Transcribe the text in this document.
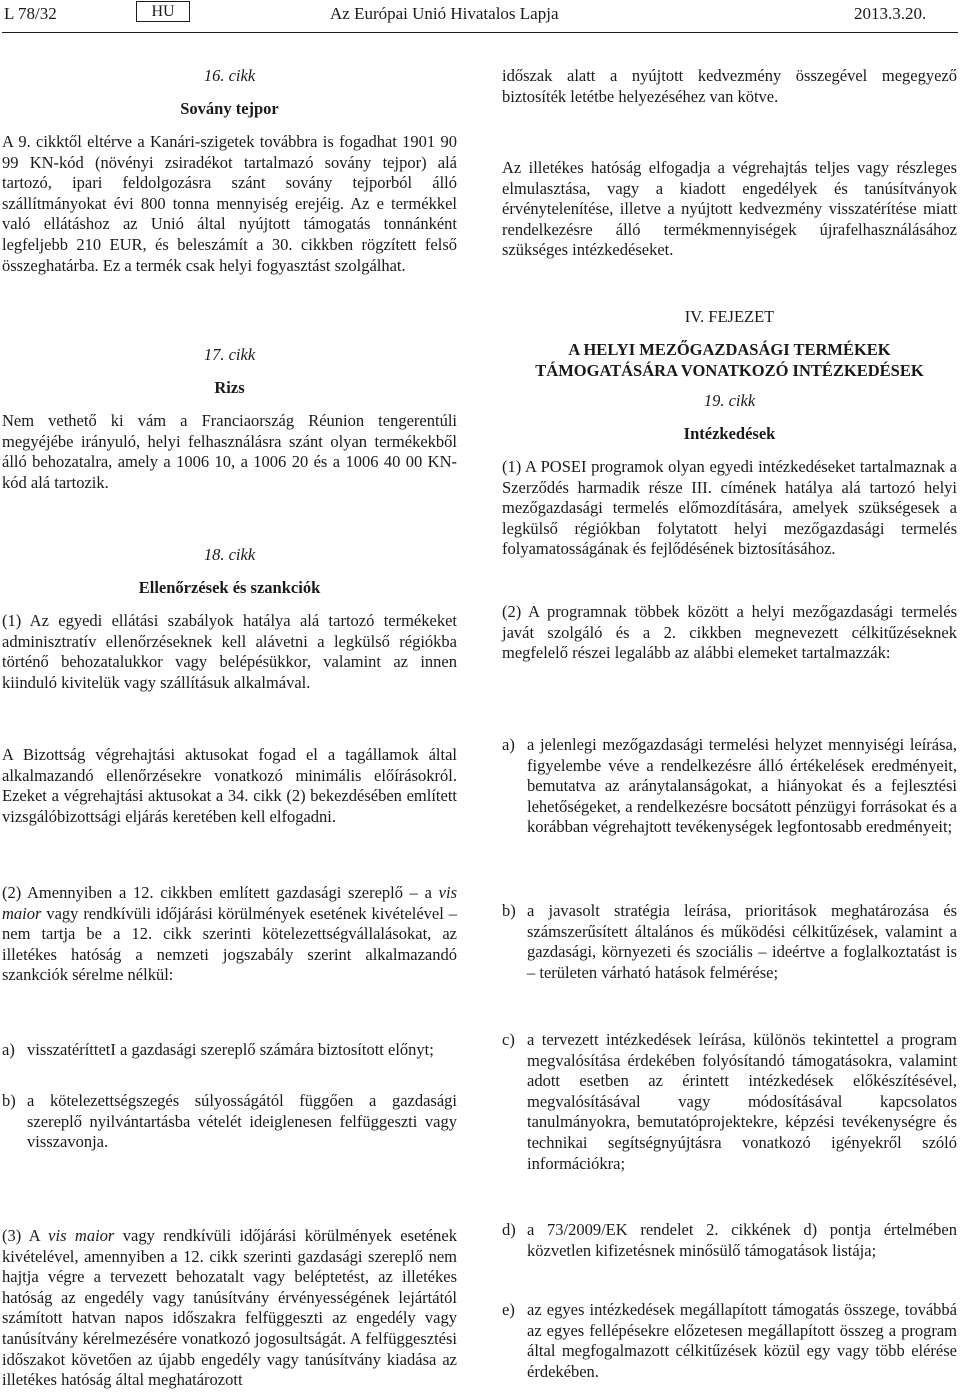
L 78/32	HU	Az Európai Unió Hivatalos Lapja	2013.3.20.
16. cikk
Sovány tejpor
A 9. cikktől eltérve a Kanári-szigetek továbbra is fogadhat 1901 90 99 KN-kód (növényi zsiradékot tartalmazó sovány tejpor) alá tartozó, ipari feldolgozásra szánt sovány tejporból álló szállítmányokat évi 800 tonna mennyiség erejéig. Az e termékkel való ellátáshoz az Unió által nyújtott támogatás tonnánként legfeljebb 210 EUR, és beleszámít a 30. cikkben rögzített felső összeghatárba. Ez a termék csak helyi fogyasztást szolgálhat.
17. cikk
Rizs
Nem vethető ki vám a Franciaország Réunion tengerentúli megyéjébe irányuló, helyi felhasználásra szánt olyan termékekből álló behozatalra, amely a 1006 10, a 1006 20 és a 1006 40 00 KN-kód alá tartozik.
18. cikk
Ellenőrzések és szankciók
(1) Az egyedi ellátási szabályok hatálya alá tartozó termékeket adminisztratív ellenőrzéseknek kell alávetni a legkülső régiókba történő behozatalukkor vagy belépésükkor, valamint az innen kiinduló kivitelük vagy szállításuk alkalmával.
A Bizottság végrehajtási aktusokat fogad el a tagállamok által alkalmazandó ellenőrzésekre vonatkozó minimális előírásokról. Ezeket a végrehajtási aktusokat a 34. cikk (2) bekezdésében említett vizsgálóbizottsági eljárás keretében kell elfogadni.
(2) Amennyiben a 12. cikkben említett gazdasági szereplő – a vis maior vagy rendkívüli időjárási körülmények esetének kivételével – nem tartja be a 12. cikk szerinti kötelezettségvállalásokat, az illetékes hatóság a nemzeti jogszabály szerint alkalmazandó szankciók sérelme nélkül:
a) visszatéríttetI a gazdasági szereplő számára biztosított előnyt;
b) a kötelezettségszegés súlyosságától függően a gazdasági szereplő nyilvántartásba vételét ideiglenesen felfüggeszti vagy visszavonja.
(3) A vis maior vagy rendkívüli időjárási körülmények esetének kivételével, amennyiben a 12. cikk szerinti gazdasági szereplő nem hajtja végre a tervezett behozatalt vagy beléptetést, az illetékes hatóság az engedély vagy tanúsítvány érvényességének lejártától számított hatvan napos időszakra felfüggeszti az engedély vagy tanúsítvány kérelmezésére vonatkozó jogosultságát. A felfüggesztési időszakot követően az újabb engedély vagy tanúsítvány kiadása az illetékes hatóság által meghatározott
időszak alatt a nyújtott kedvezmény összegével megegyező biztosíték letétbe helyezéséhez van kötve.
Az illetékes hatóság elfogadja a végrehajtás teljes vagy részleges elmulasztása, vagy a kiadott engedélyek és tanúsítványok érvénytelenítése, illetve a nyújtott kedvezmény visszatérítése miatt rendelkezésre álló termékmennyiségek újrafelhasználásához szükséges intézkedéseket.
IV. FEJEZET
A HELYI MEZŐGAZDASÁGI TERMÉKEK TÁMOGATÁSÁRA VONATKOZÓ INTÉZKEDÉSEK
19. cikk
Intézkedések
(1) A POSEI programok olyan egyedi intézkedéseket tartalmaznak a Szerződés harmadik része III. címének hatálya alá tartozó helyi mezőgazdasági termelés előmozdítására, amelyek szükségesek a legkülső régiókban folytatott helyi mezőgazdasági termelés folyamatosságának és fejlődésének biztosításához.
(2) A programnak többek között a helyi mezőgazdasági termelés javát szolgáló és a 2. cikkben megnevezett célkitűzéseknek megfelelő részei legalább az alábbi elemeket tartalmazzák:
a) a jelenlegi mezőgazdasági termelési helyzet mennyiségi leírása, figyelembe véve a rendelkezésre álló értékelések eredményeit, bemutatva az aránytalanságokat, a hiányokat és a fejlesztési lehetőségeket, a rendelkezésre bocsátott pénzügyi forrásokat és a korábban végrehajtott tevékenységek legfontosabb eredményeit;
b) a javasolt stratégia leírása, prioritások meghatározása és számszerűsített általános és működési célkitűzések, valamint a gazdasági, környezeti és szociális – ideértve a foglalkoztatást is – területen várható hatások felmérése;
c) a tervezett intézkedések leírása, különös tekintettel a program megvalósítása érdekében folyósítandó támogatásokra, valamint adott esetben az érintett intézkedések előkészítésével, megvalósításával vagy módosításával kapcsolatos tanulmányokra, bemutatóprojektekre, képzési tevékenységre és technikai segítségnyújtásra vonatkozó igényekről szóló információkra;
d) a 73/2009/EK rendelet 2. cikkének d) pontja értelmében közvetlen kifizetésnek minősülő támogatások listája;
e) az egyes intézkedések megállapított támogatás összege, továbbá az egyes fellépésekre előzetesen megállapított összeg a program által megfogalmazott célkitűzések közül egy vagy több elérése érdekében.
